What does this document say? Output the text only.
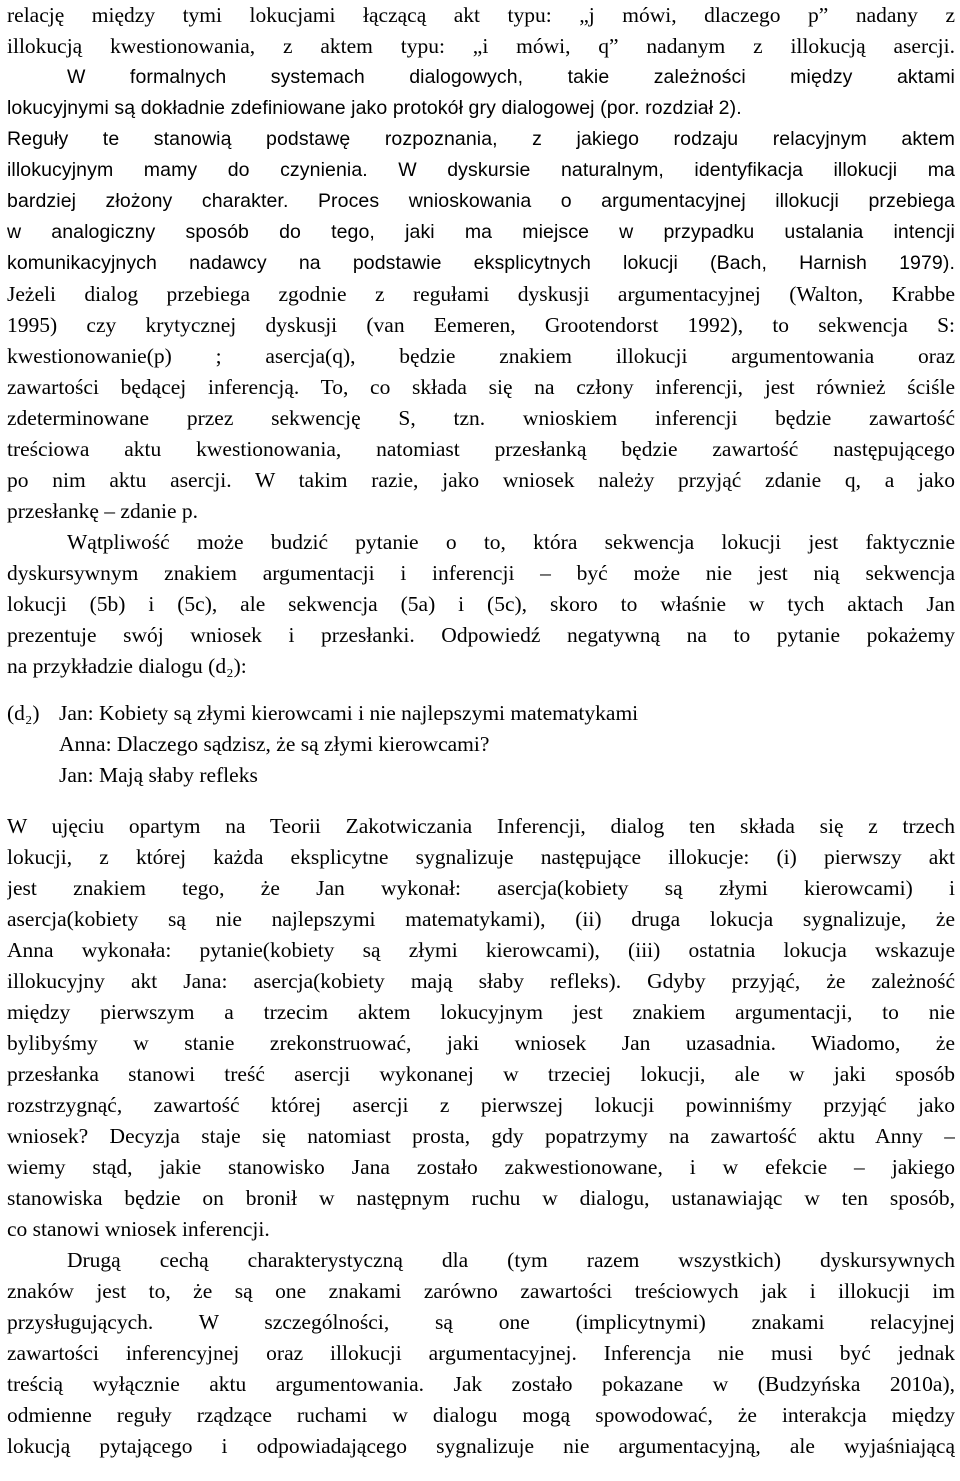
relację między tymi lokucjami łączącą akt typu: „j mówi, dlaczego p” nadany z
illokucją kwestionowania, z aktem typu: „i mówi, q” nadanym z illokucją asercji.
W formalnych systemach dialogowych, takie zależności między aktami
lokucyjnymi są dokładnie zdefiniowane jako protokół gry dialogowej (por. rozdział 2).
Reguły te stanowią podstawę rozpoznania, z jakiego rodzaju relacyjnym aktem
illokucyjnym mamy do czynienia. W dyskursie naturalnym, identyfikacja illokucji ma
bardziej złożony charakter. Proces wnioskowania o argumentacyjnej illokucji przebiega
w analogiczny sposób do tego, jaki ma miejsce w przypadku ustalania intencji
komunikacyjnych nadawcy na podstawie eksplicytnych lokucji (Bach, Harnish 1979).
Jeżeli dialog przebiega zgodnie z regułami dyskusji argumentacyjnej (Walton, Krabbe
1995) czy krytycznej dyskusji (van Eemeren, Grootendorst 1992), to sekwencja S:
kwestionowanie(p) ; asercja(q), będzie znakiem illokucji argumentowania oraz
zawartości będącej inferencją. To, co składa się na człony inferencji, jest również ściśle
zdeterminowane przez sekwencję S, tzn. wnioskiem inferencji będzie zawartość
treściowa aktu kwestionowania, natomiast przesłanką będzie zawartość następującego
po nim aktu asercji. W takim razie, jako wniosek należy przyjąć zdanie q, a jako
przesłankę – zdanie p.
Wątpliwość może budzić pytanie o to, która sekwencja lokucji jest faktycznie
dyskursywnym znakiem argumentacji i inferencji – być może nie jest nią sekwencja
lokucji (5b) i (5c), ale sekwencja (5a) i (5c), skoro to właśnie w tych aktach Jan
prezentuje swój wniosek i przesłanki. Odpowiedź negatywną na to pytanie pokażemy
na przykładzie dialogu (d₂):
(d₂) Jan: Kobiety są złymi kierowcami i nie najlepszymi matematykami
Anna: Dlaczego sądzisz, że są złymi kierowcami?
Jan: Mają słaby refleks
W ujęciu opartym na Teorii Zakotwiczania Inferencji, dialog ten składa się z trzech
lokucji, z której każda eksplicytne sygnalizuje następujące illokucje: (i) pierwszy akt
jest znakiem tego, że Jan wykonał: asercja(kobiety są złymi kierowcami) i
asercja(kobiety są nie najlepszymi matematykami), (ii) druga lokucja sygnalizuje, że
Anna wykonała: pytanie(kobiety są złymi kierowcami), (iii) ostatnia lokucja wskazuje
illokucyjny akt Jana: asercja(kobiety mają słaby refleks). Gdyby przyjąć, że zależność
między pierwszym a trzecim aktem lokucyjnym jest znakiem argumentacji, to nie
bylibyśmy w stanie zrekonstruować, jaki wniosek Jan uzasadnia. Wiadomo, że
przesłanka stanowi treść asercji wykonanej w trzeciej lokucji, ale w jaki sposób
rozstrzygnąć, zawartość której asercji z pierwszej lokucji powinniśmy przyjąć jako
wniosek? Decyzja staje się natomiast prosta, gdy popatrzymy na zawartość aktu Anny –
wiemy stąd, jakie stanowisko Jana zostało zakwestionowane, i w efekcie – jakiego
stanowiska będzie on bronił w następnym ruchu w dialogu, ustanawiając w ten sposób,
co stanowi wniosek inferencji.
Drugą cechą charakterystyczną dla (tym razem wszystkich) dyskursywnych
znaków jest to, że są one znakami zarówno zawartości treściowych jak i illokucji im
przysługujących. W szczególności, są one (implicytnymi) znakami relacyjnej
zawartości inferencyjnej oraz illokucji argumentacyjnej. Inferencja nie musi być jednak
treścią wyłącznie aktu argumentowania. Jak zostało pokazane w (Budzyńska 2010a),
odmienne reguły rządzące ruchami w dialogu mogą spowodować, że interakcja między
lokucją pytającego i odpowiadającego sygnalizuje nie argumentacyjną, ale wyjaśniającą
